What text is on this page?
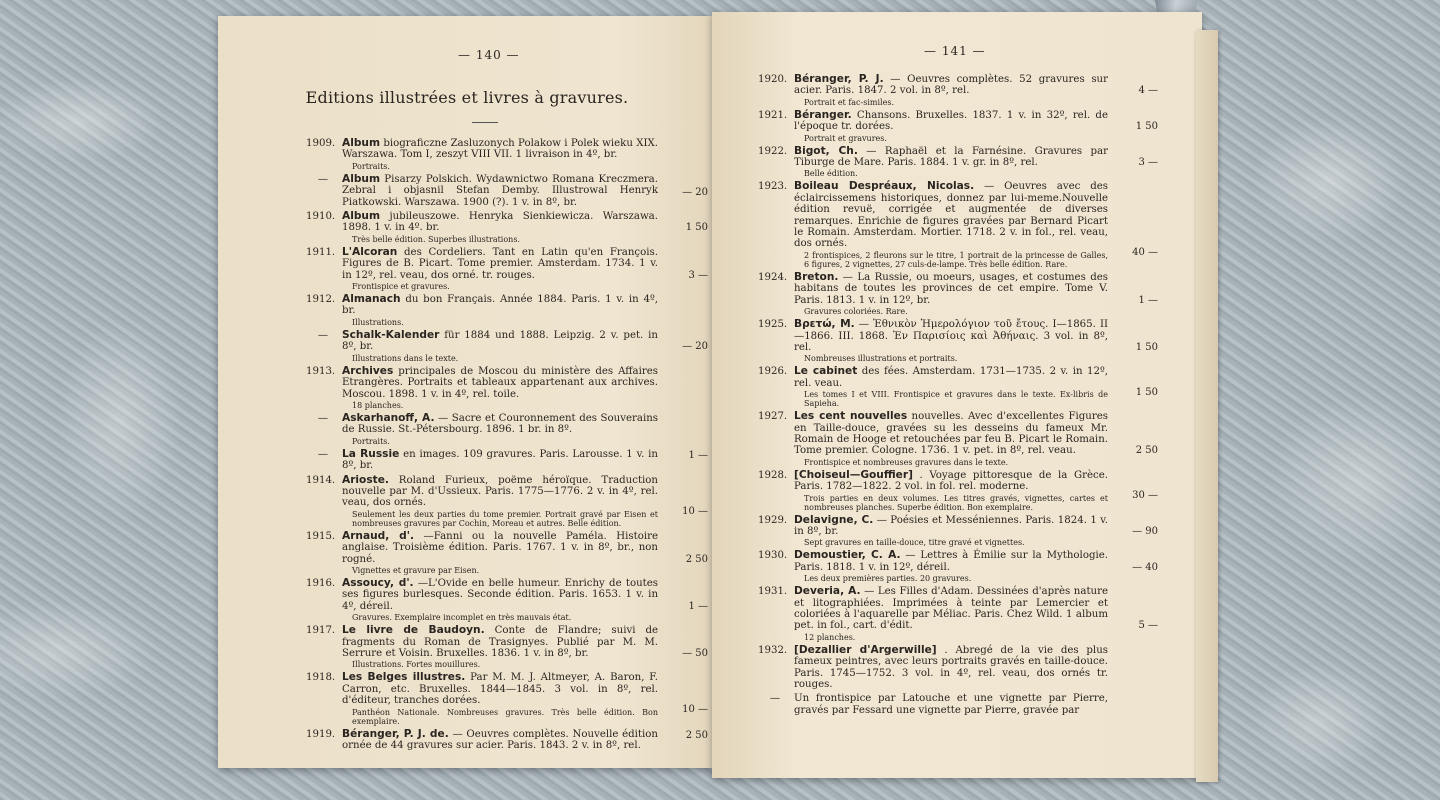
— 140 —
Editions illustrées et livres à gravures.
1909. Album biograficzne Zasluzonych Polakow i Polek wieku XIX. Warszawa. Tom I, zeszyt VIII VII. 1 livraison in 4º, br.
Portraits.
—	Album Pisarzy Polskich. Wydawnictwo Romana Kreczmera. Zebral i objasnil Stefan Demby. Illustrowal Henryk Piatkowski. Warszawa. 1900 (?). 1 v. in 8º, br.
— 20
1910. Album jubileuszowe. Henryka Sienkiewicza. Warszawa. 1898. 1 v. in 4º. br.
Très belle édition. Superbes illustrations.
1 50
1911. L'Alcoran des Cordeliers. Tant en Latin qu'en François. Figures de B. Picart. Tome premier. Amsterdam. 1734. 1 v. in 12º, rel. veau, dos orné. tr. rouges.
Frontispice et gravures.
3 —
1912. Almanach du bon Français. Année 1884. Paris. 1 v. in 4º, br.
Illustrations.
—	Schalk-Kalender für 1884 und 1888. Leipzig. 2 v. pet. in 8º, br.
Illustrations dans le texte.
— 20
1913. Archives principales de Moscou du ministère des Affaires Etrangères. Portraits et tableaux appartenant aux archives. Moscou. 1898. 1 v. in 4º, rel. toile.
18 planches.
—	Askarhanoff, A. — Sacre et Couronnement des Souverains de Russie. St.-Pétersbourg. 1896. 1 br. in 8º.
Portraits.
—	La Russie en images. 109 gravures. Paris. Larousse. 1 v. in 8º, br.
1 —
1914. Arioste. Roland Furieux, poëme héroïque. Traduction nouvelle par M. d'Ussieux. Paris. 1775—1776. 2 v. in 4º, rel. veau, dos ornés.
Seulement les deux parties du tome premier. Portrait gravé par Eisen et nombreuses gravures par Cochin, Moreau et autres. Belle édition.
10 —
1915. Arnaud, d'. —Fanni ou la nouvelle Paméla. Histoire anglaise. Troisième édition. Paris. 1767. 1 v. in 8º, br., non rogné.
Vignettes et gravure par Eisen.
2 50
1916. Assoucy, d'. —L'Ovide en belle humeur. Enrichy de toutes ses figures burlesques. Seconde édition. Paris. 1653. 1 v. in 4º, déreil.
Gravures. Exemplaire incomplet en très mauvais état.
1 —
1917. Le livre de Baudoyn. Conte de Flandre; suivi de fragments du Roman de Trasignyes. Publié par M. M. Serrure et Voisin. Bruxelles. 1836. 1 v. in 8º, br.
Illustrations. Fortes mouillures.
— 50
1918. Les Belges illustres. Par M. M. J. Altmeyer, A. Baron, F. Carron, etc. Bruxelles. 1844—1845. 3 vol. in 8º, rel. d'éditeur, tranches dorées.
Panthéon Nationale. Nombreuses gravures. Très belle édition. Bon exemplaire.
10 —
1919. Béranger, P. J. de. — Oeuvres complètes. Nouvelle édition ornée de 44 gravures sur acier. Paris. 1843. 2 v. in 8º, rel.
2 50
— 141 —
1920. Béranger, P. J. — Oeuvres complètes. 52 gravures sur acier. Paris. 1847. 2 vol. in 8º, rel.
Portrait et fac-similes.
4 —
1921. Béranger. Chansons. Bruxelles. 1837. 1 v. in 32º, rel. de l'époque tr. dorées.
Portrait et gravures.
1 50
1922. Bigot, Ch. — Raphaël et la Farnésine. Gravures par Tiburge de Mare. Paris. 1884. 1 v. gr. in 8º, rel.
Belle édition.
3 —
1923. Boileau Despréaux, Nicolas. — Oeuvres avec des éclaircissemens historiques, donnez par lui-meme.Nouvelle édition revuë, corrigée et augmentée de diverses remarques. Enrichie de figures gravées par Bernard Picart le Romain. Amsterdam. Mortier. 1718. 2 v. in fol., rel. veau, dos ornés.
2 frontispices, 2 fleurons sur le titre, 1 portrait de la princesse de Galles, 6 figures, 2 vignettes, 27 culs-de-lampe. Très belle édition. Rare.
40 —
1924. Breton. — La Russie, ou moeurs, usages, et costumes des habitans de toutes les provinces de cet empire. Tome V. Paris. 1813. 1 v. in 12º, br.
Gravures coloriées. Rare.
1 —
1925. Βρετώ, Μ. — Ἐθνικὸν Ἡμερολόγιον τοῦ ἔτους. I—1865. II—1866. III. 1868. Ἐν Παρισίοις καὶ Ἀθήναις. 3 vol. in 8º, rel.
Nombreuses illustrations et portraits.
1 50
1926. Le cabinet des fées. Amsterdam. 1731—1735. 2 v. in 12º, rel. veau.
Les tomes I et VIII. Frontispice et gravures dans le texte. Ex-libris de Sapieha.
1 50
1927. Les cent nouvelles nouvelles. Avec d'excellentes Figures en Taille-douce, gravées su les desseins du fameux Mr. Romain de Hooge et retouchées par feu B. Picart le Romain. Tome premier. Cologne. 1736. 1 v. pet. in 8º, rel. veau.
Frontispice et nombreuses gravures dans le texte.
2 50
1928. [Choiseul—Gouffier] . Voyage pittoresque de la Grèce. Paris. 1782—1822. 2 vol. in fol. rel. moderne.
Trois parties en deux volumes. Les titres gravés, vignettes, cartes et nombreuses planches. Superbe édition. Bon exemplaire.
30 —
1929. Delavigne, C. — Poésies et Messéniennes. Paris. 1824. 1 v. in 8º, br.
Sept gravures en taille-douce, titre gravé et vignettes.
— 90
1930. Demoustier, C. A. — Lettres à Émilie sur la Mythologie. Paris. 1818. 1 v. in 12º, déreil.
Les deux premières parties. 20 gravures.
— 40
1931. Deveria, A. — Les Filles d'Adam. Dessinées d'après nature et litographiées. Imprimées à teinte par Lemercier et coloriées à l'aquarelle par Méliac. Paris. Chez Wild. 1 album pet. in fol., cart. d'édit.
12 planches.
5 —
1932. [Dezallier d'Argerwille] . Abregé de la vie des plus fameux peintres, avec leurs portraits gravés en taille-douce. Paris. 1745—1752. 3 vol. in 4º, rel. veau, dos ornés tr. rouges.
—	Un frontispice par Latouche et une vignette par Pierre, gravés par Fessard une vignette par Pierre, gravée par
